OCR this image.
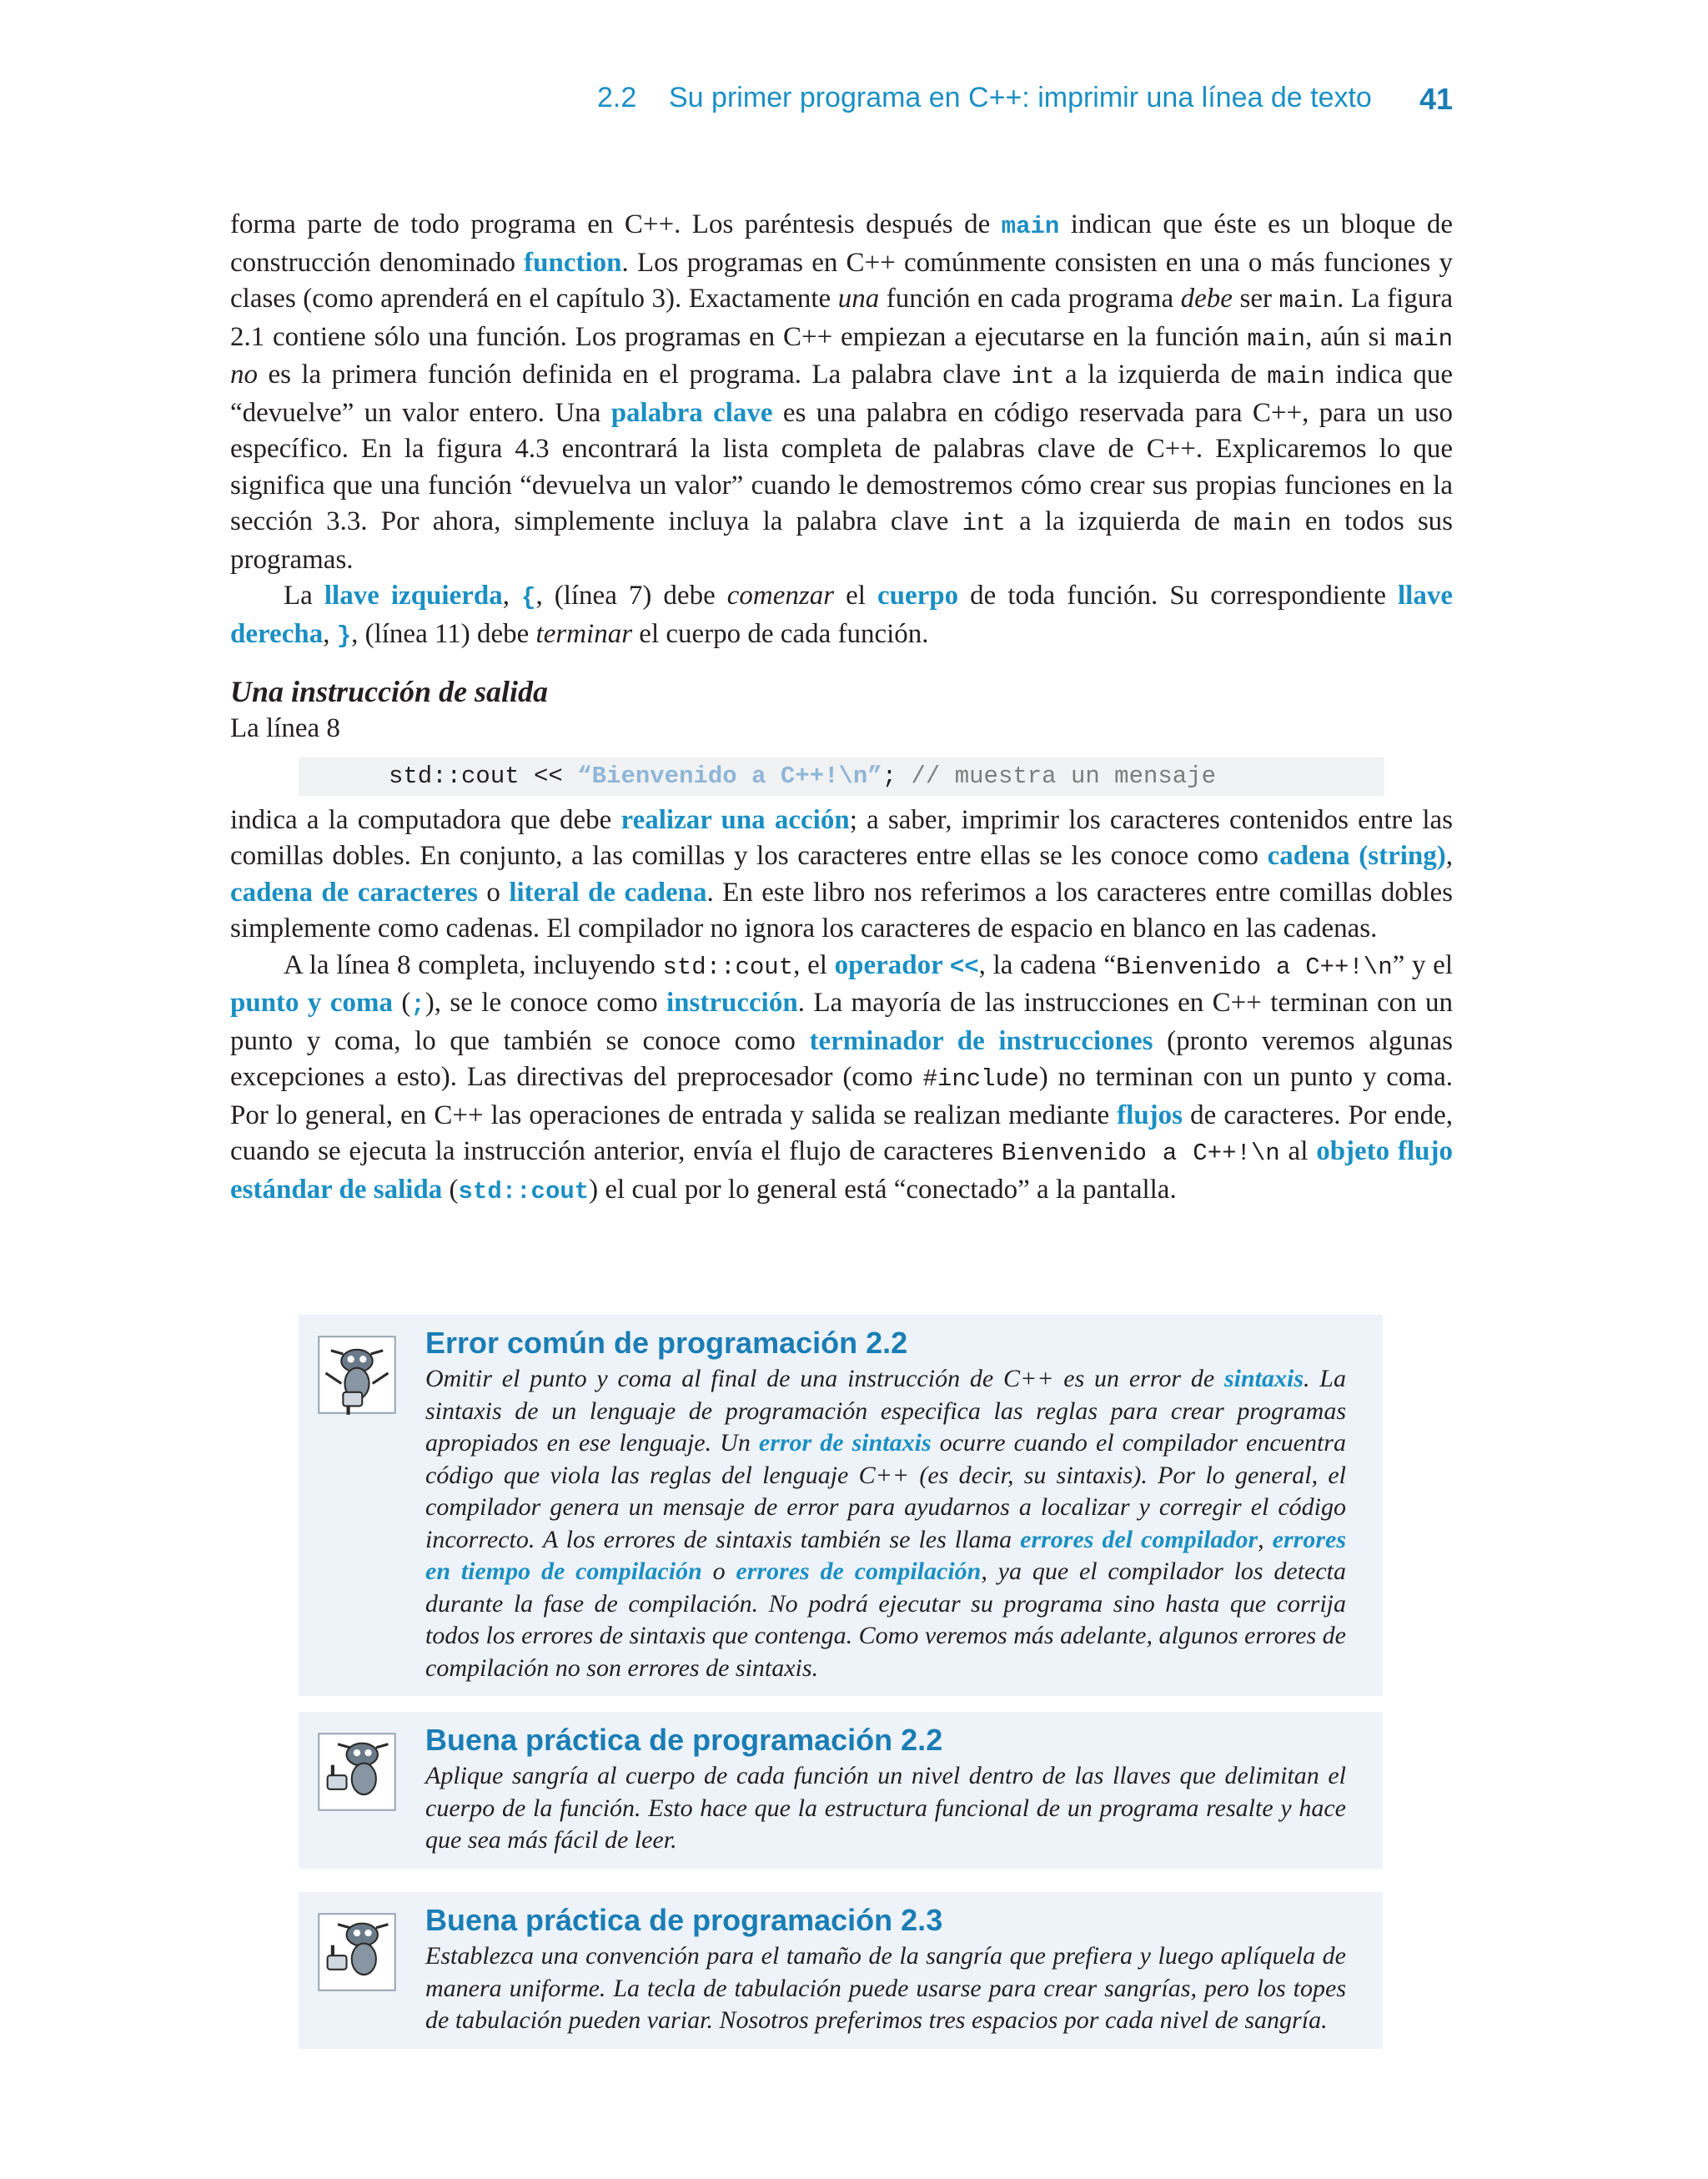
2.2 Su primer programa en C++: imprimir una línea de texto 41

forma parte de todo programa en C++. Los paréntesis después de main indican que éste es un bloque de construcción denominado function. Los programas en C++ comúnmente consisten en una o más funciones y clases (como aprenderá en el capítulo 3). Exactamente una función en cada programa debe ser main. La figura 2.1 contiene sólo una función. Los programas en C++ empiezan a ejecutarse en la función main, aún si main no es la primera función definida en el programa. La palabra clave int a la izquierda de main indica que “devuelve” un valor entero. Una palabra clave es una palabra en código reservada para C++, para un uso específico. En la figura 4.3 encontrará la lista completa de palabras clave de C++. Explicaremos lo que significa que una función “devuelva un valor” cuando le demostremos cómo crear sus propias funciones en la sección 3.3. Por ahora, simplemente incluya la palabra clave int a la izquierda de main en todos sus programas.

La llave izquierda, {, (línea 7) debe comenzar el cuerpo de toda función. Su correspondiente llave derecha, }, (línea 11) debe terminar el cuerpo de cada función.

Una instrucción de salida

La línea 8

std::cout << “Bienvenido a C++!\n”; // muestra un mensaje

indica a la computadora que debe realizar una acción; a saber, imprimir los caracteres contenidos entre las comillas dobles. En conjunto, a las comillas y los caracteres entre ellas se les conoce como cadena (string), cadena de caracteres o literal de cadena. En este libro nos referimos a los caracteres entre comillas dobles simplemente como cadenas. El compilador no ignora los caracteres de espacio en blanco en las cadenas.

A la línea 8 completa, incluyendo std::cout, el operador <<, la cadena “Bienvenido a C++!\n” y el punto y coma (;), se le conoce como instrucción. La mayoría de las instrucciones en C++ terminan con un punto y coma, lo que también se conoce como terminador de instrucciones (pronto veremos algunas excepciones a esto). Las directivas del preprocesador (como #include) no terminan con un punto y coma. Por lo general, en C++ las operaciones de entrada y salida se realizan mediante flujos de caracteres. Por ende, cuando se ejecuta la instrucción anterior, envía el flujo de caracteres Bienvenido a C++!\n al objeto flujo estándar de salida (std::cout) el cual por lo general está “conectado” a la pantalla.

Error común de programación 2.2
Omitir el punto y coma al final de una instrucción de C++ es un error de sintaxis. La sintaxis de un lenguaje de programación especifica las reglas para crear programas apropiados en ese lenguaje. Un error de sintaxis ocurre cuando el compilador encuentra código que viola las reglas del lenguaje C++ (es decir, su sintaxis). Por lo general, el compilador genera un mensaje de error para ayudarnos a localizar y corregir el código incorrecto. A los errores de sintaxis también se les llama errores del compilador, errores en tiempo de compilación o errores de compilación, ya que el compilador los detecta durante la fase de compilación. No podrá ejecutar su programa sino hasta que corrija todos los errores de sintaxis que contenga. Como veremos más adelante, algunos errores de compilación no son errores de sintaxis.
Buena práctica de programación 2.2
Aplique sangría al cuerpo de cada función un nivel dentro de las llaves que delimitan el cuerpo de la función. Esto hace que la estructura funcional de un programa resalte y hace que sea más fácil de leer.
Buena práctica de programación 2.3
Establezca una convención para el tamaño de la sangría que prefiera y luego aplíquela de manera uniforme. La tecla de tabulación puede usarse para crear sangrías, pero los topes de tabulación pueden variar. Nosotros preferimos tres espacios por cada nivel de sangría.
